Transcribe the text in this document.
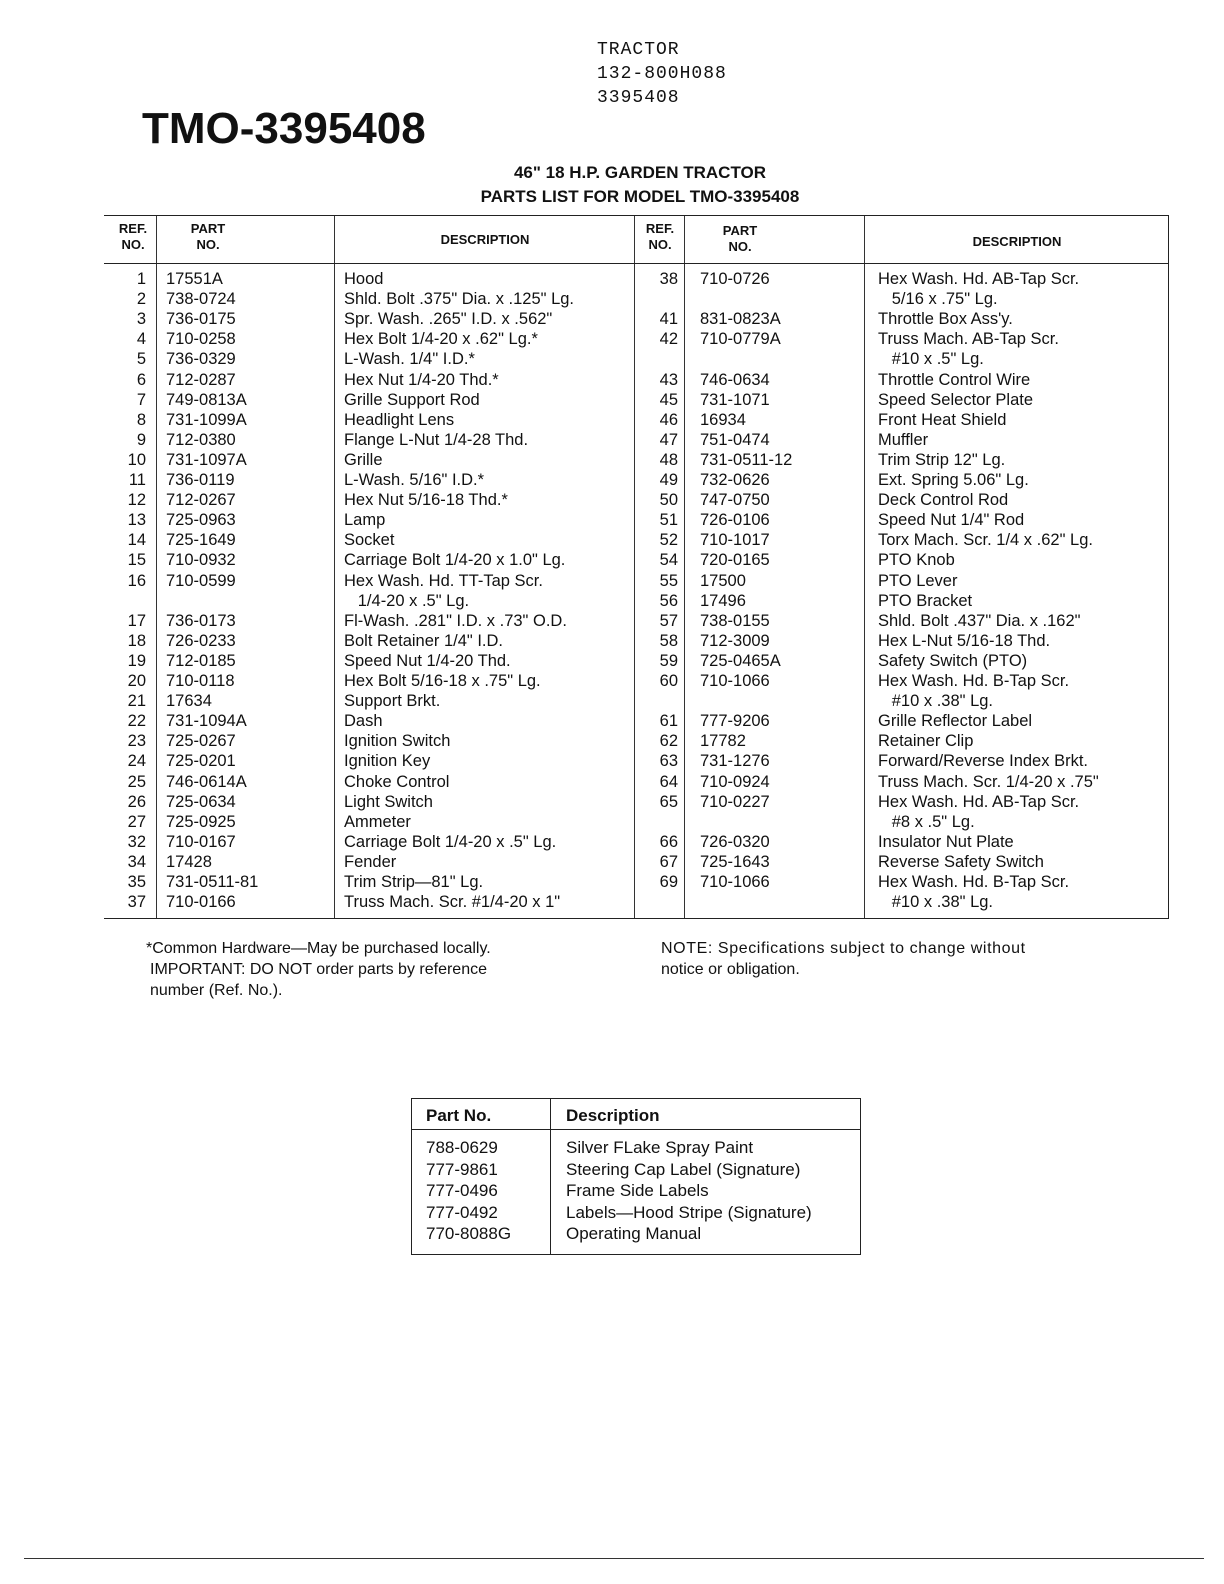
TRACTOR
132-800H088
3395408
TMO-3395408
46" 18 H.P. GARDEN TRACTOR
PARTS LIST FOR MODEL TMO-3395408
REF.
NO.
PART
NO.	DESCRIPTION
REF.
NO.
PART
NO.	DESCRIPTION
1 17551A	Hood
2 738-0724	Shld. Bolt .375" Dia. x .125" Lg.
3 736-0175	Spr. Wash. .265" I.D. x .562"
4 710-0258	Hex Bolt 1/4-20 x .62" Lg.*
5 736-0329	L-Wash. 1/4" I.D.*
6 712-0287	Hex Nut 1/4-20 Thd.*
7 749-0813A	Grille Support Rod
8 731-1099A	Headlight Lens
9 712-0380	Flange L-Nut 1/4-28 Thd.
10 731-1097A	Grille
11 736-0119	L-Wash. 5/16" I.D.*
12 712-0267	Hex Nut 5/16-18 Thd.*
13 725-0963	Lamp
14 725-1649	Socket
15 710-0932	Carriage Bolt 1/4-20 x 1.0" Lg.
16 710-0599	Hex Wash. Hd. TT-Tap Scr.
1/4-20 x .5" Lg.
17 736-0173	Fl-Wash. .281" I.D. x .73" O.D.
18 726-0233	Bolt Retainer 1/4" I.D.
19 712-0185	Speed Nut 1/4-20 Thd.
20 710-0118	Hex Bolt 5/16-18 x .75" Lg.
21 17634	Support Brkt.
22 731-1094A	Dash
23 725-0267	Ignition Switch
24 725-0201	Ignition Key
25 746-0614A	Choke Control
26 725-0634	Light Switch
27 725-0925	Ammeter
32 710-0167	Carriage Bolt 1/4-20 x .5" Lg.
34 17428	Fender
35 731-0511-81	Trim Strip—81" Lg.
37 710-0166	Truss Mach. Scr. #1/4-20 x 1"
38 710-0726	Hex Wash. Hd. AB-Tap Scr.
5/16 x .75" Lg.
41 831-0823A	Throttle Box Ass'y.
42 710-0779A	Truss Mach. AB-Tap Scr.
#10 x .5" Lg.
43 746-0634	Throttle Control Wire
45 731-1071	Speed Selector Plate
46 16934	Front Heat Shield
47 751-0474	Muffler
48 731-0511-12	Trim Strip 12" Lg.
49 732-0626	Ext. Spring 5.06" Lg.
50 747-0750	Deck Control Rod
51 726-0106	Speed Nut 1/4" Rod
52 710-1017	Torx Mach. Scr. 1/4 x .62" Lg.
54 720-0165	PTO Knob
55 17500	PTO Lever
56 17496	PTO Bracket
57 738-0155	Shld. Bolt .437" Dia. x .162"
58 712-3009	Hex L-Nut 5/16-18 Thd.
59 725-0465A	Safety Switch (PTO)
60 710-1066	Hex Wash. Hd. B-Tap Scr.
#10 x .38" Lg.
61 777-9206	Grille Reflector Label
62 17782	Retainer Clip
63 731-1276	Forward/Reverse Index Brkt.
64 710-0924	Truss Mach. Scr. 1/4-20 x .75"
65 710-0227	Hex Wash. Hd. AB-Tap Scr.
#8 x .5" Lg.
66 726-0320	Insulator Nut Plate
67 725-1643	Reverse Safety Switch
69 710-1066	Hex Wash. Hd. B-Tap Scr.
#10 x .38" Lg.
*Common Hardware—May be purchased locally.
IMPORTANT: DO NOT order parts by reference
number (Ref. No.).
NOTE: Specifications subject to change without
notice or obligation.
Part No.	Description
788-0629	Silver FLake Spray Paint
777-9861	Steering Cap Label (Signature)
777-0496	Frame Side Labels
777-0492	Labels—Hood Stripe (Signature)
770-8088G	Operating Manual
